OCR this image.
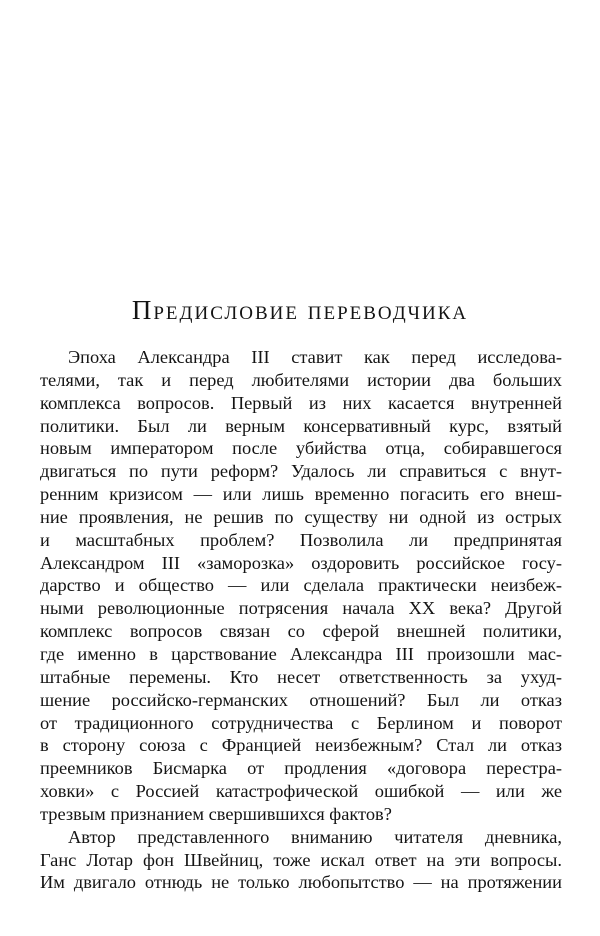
Предисловие переводчика
Эпоха Александра III ставит как перед исследова-
телями, так и перед любителями истории два больших
комплекса вопросов. Первый из них касается внутренней
политики. Был ли верным консервативный курс, взятый
новым императором после убийства отца, собиравшегося
двигаться по пути реформ? Удалось ли справиться с внут-
ренним кризисом — или лишь временно погасить его внеш-
ние проявления, не решив по существу ни одной из острых
и масштабных проблем? Позволила ли предпринятая
Александром III «заморозка» оздоровить российское госу-
дарство и общество — или сделала практически неизбеж-
ными революционные потрясения начала XX века? Другой
комплекс вопросов связан со сферой внешней политики,
где именно в царствование Александра III произошли мас-
штабные перемены. Кто несет ответственность за ухуд-
шение российско-германских отношений? Был ли отказ
от традиционного сотрудничества с Берлином и поворот
в сторону союза с Францией неизбежным? Стал ли отказ
преемников Бисмарка от продления «договора перестра-
ховки» с Россией катастрофической ошибкой — или же
трезвым признанием свершившихся фактов?
Автор представленного вниманию читателя дневника,
Ганс Лотар фон Швейниц, тоже искал ответ на эти вопросы.
Им двигало отнюдь не только любопытство — на протяжении
